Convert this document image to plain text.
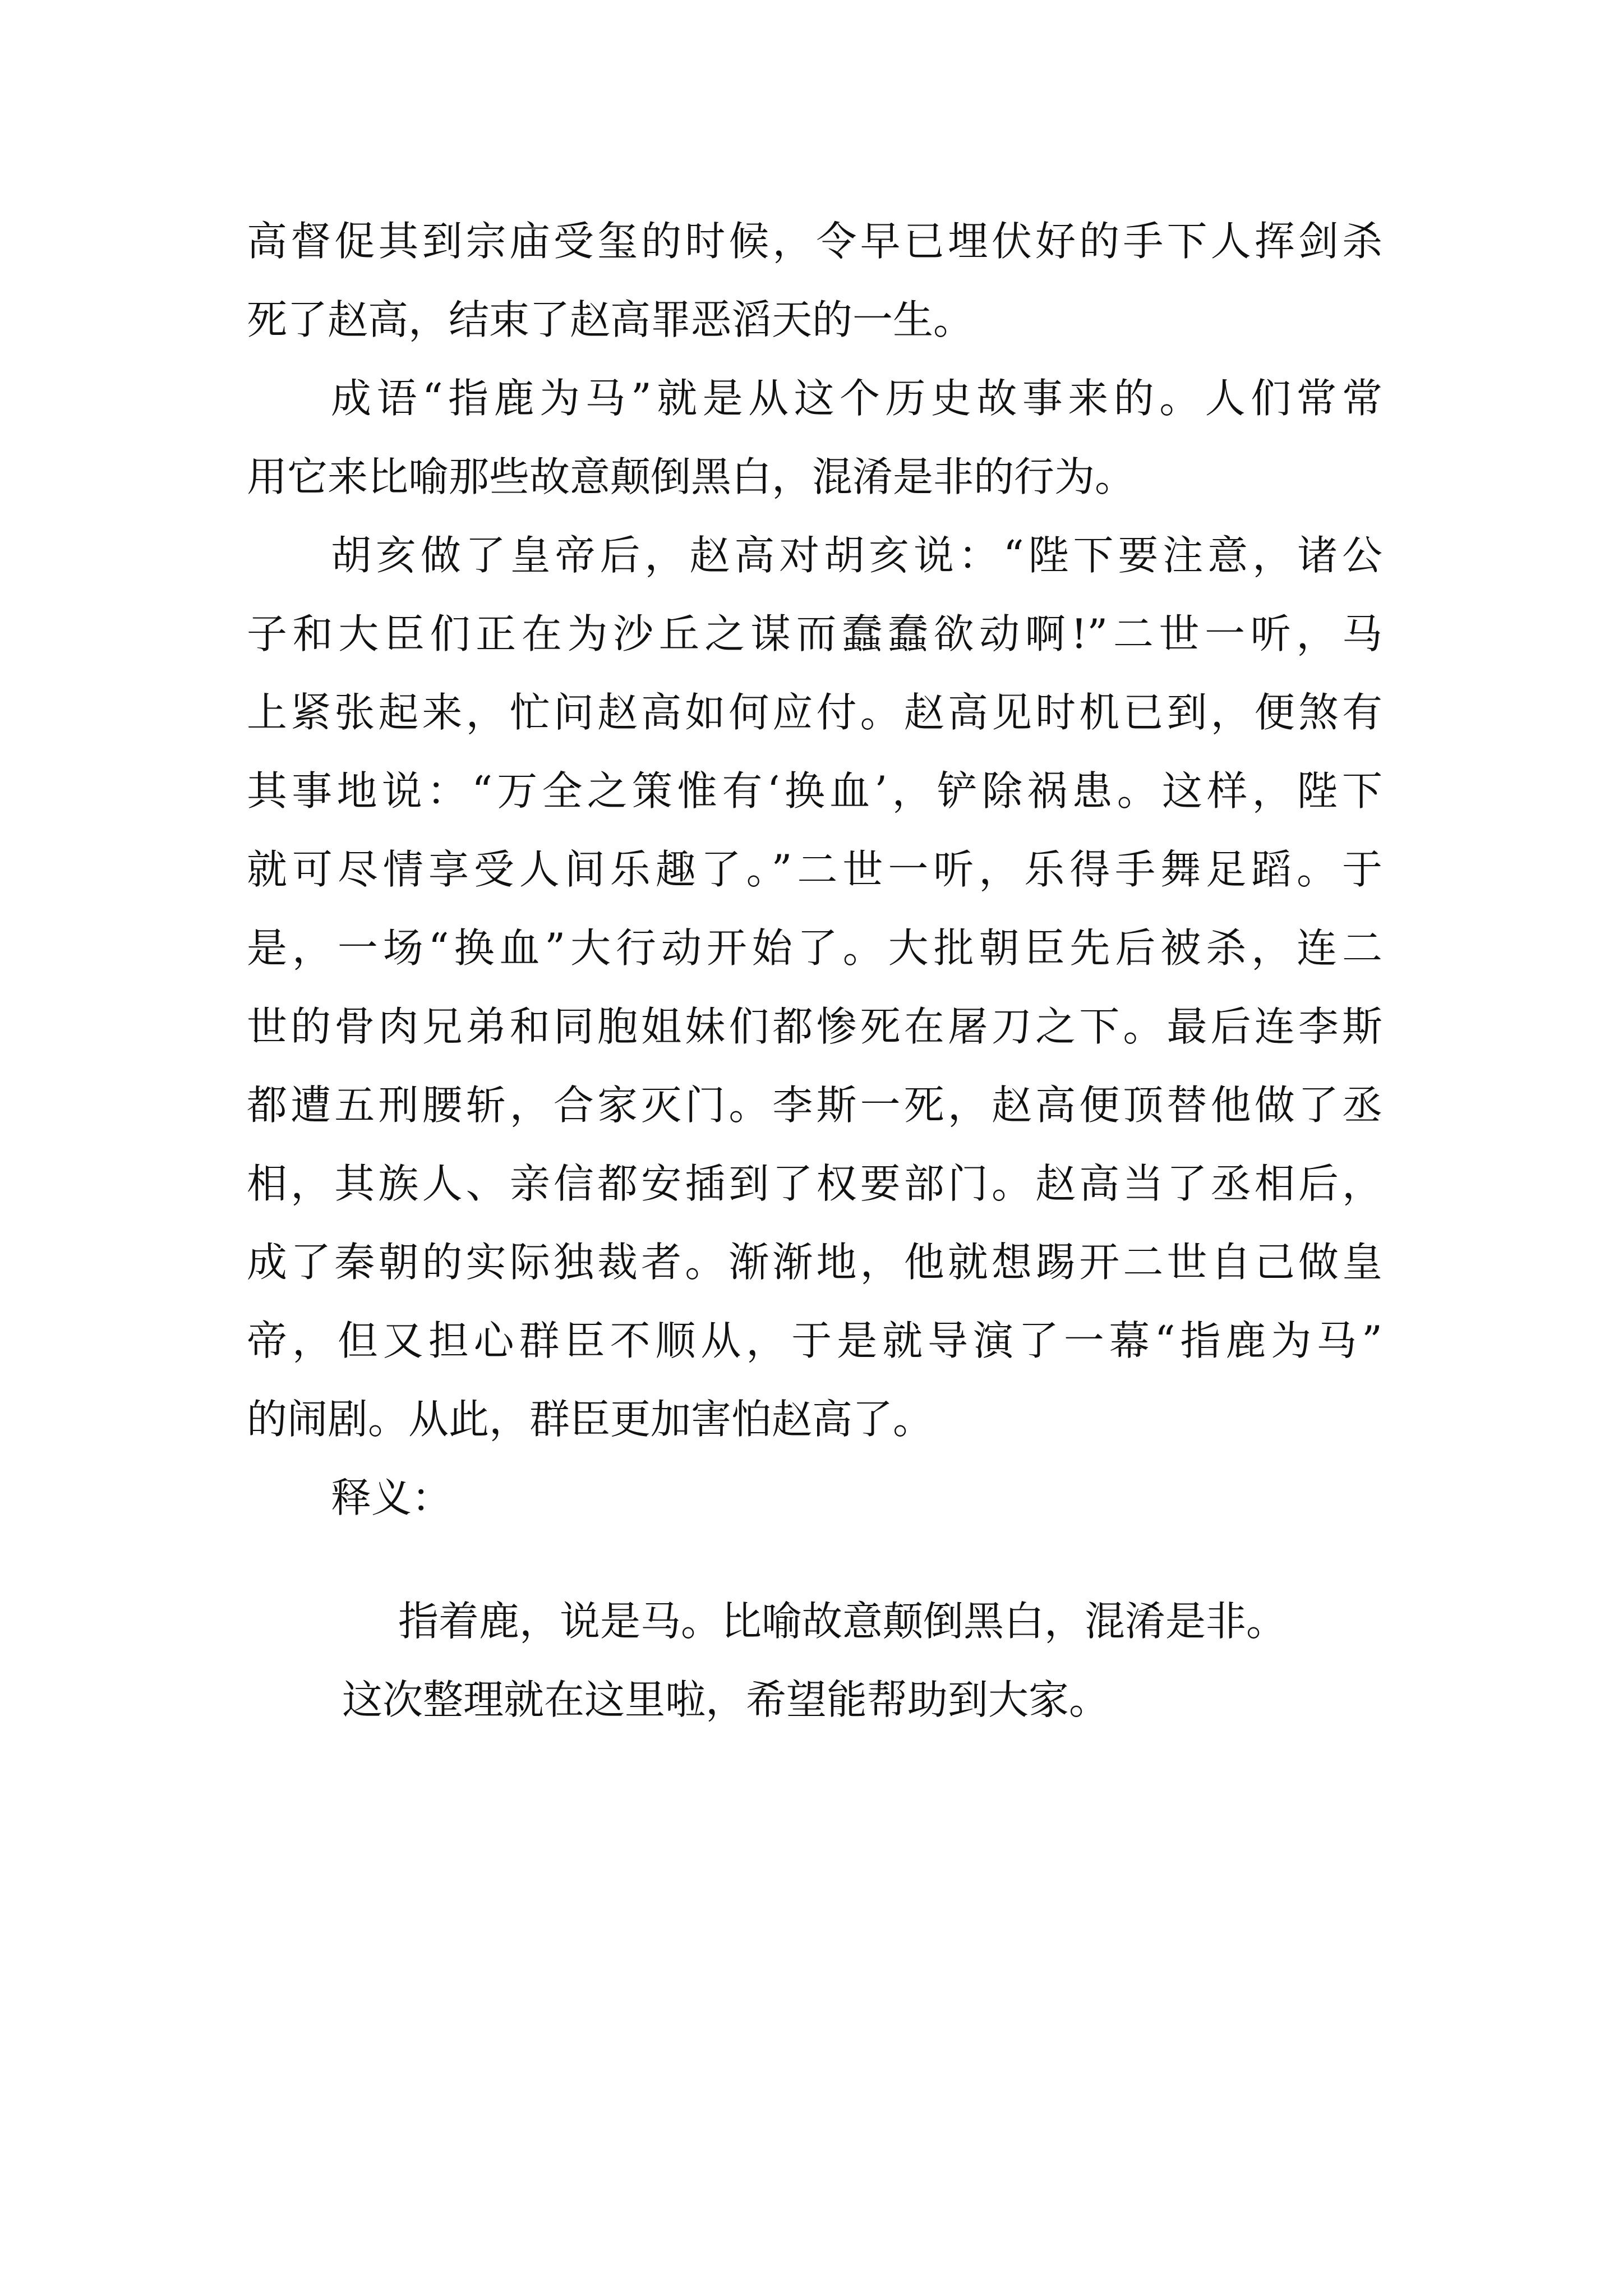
高督促其到宗庙受玺的时候，令早已埋伏好的手下人挥剑杀
死了赵高，结束了赵高罪恶滔天的一生。
成语“指鹿为马”就是从这个历史故事来的。人们常常
用它来比喻那些故意颠倒黑白，混淆是非的行为。
胡亥做了皇帝后，赵高对胡亥说：“陛下要注意，诸公
子和大臣们正在为沙丘之谋而蠢蠢欲动啊!”二世一听，马
上紧张起来，忙问赵高如何应付。赵高见时机已到，便煞有
其事地说：“万全之策惟有‘换血’，铲除祸患。这样，陛下
就可尽情享受人间乐趣了。”二世一听，乐得手舞足蹈。于
是，一场“换血”大行动开始了。大批朝臣先后被杀，连二
世的骨肉兄弟和同胞姐妹们都惨死在屠刀之下。最后连李斯
都遭五刑腰斩，合家灭门。李斯一死，赵高便顶替他做了丞
相，其族人、亲信都安插到了权要部门。赵高当了丞相后，
成了秦朝的实际独裁者。渐渐地，他就想踢开二世自己做皇
帝，但又担心群臣不顺从，于是就导演了一幕“指鹿为马”
的闹剧。从此，群臣更加害怕赵高了。
释义：
指着鹿，说是马。比喻故意颠倒黑白，混淆是非。
这次整理就在这里啦，希望能帮助到大家。
